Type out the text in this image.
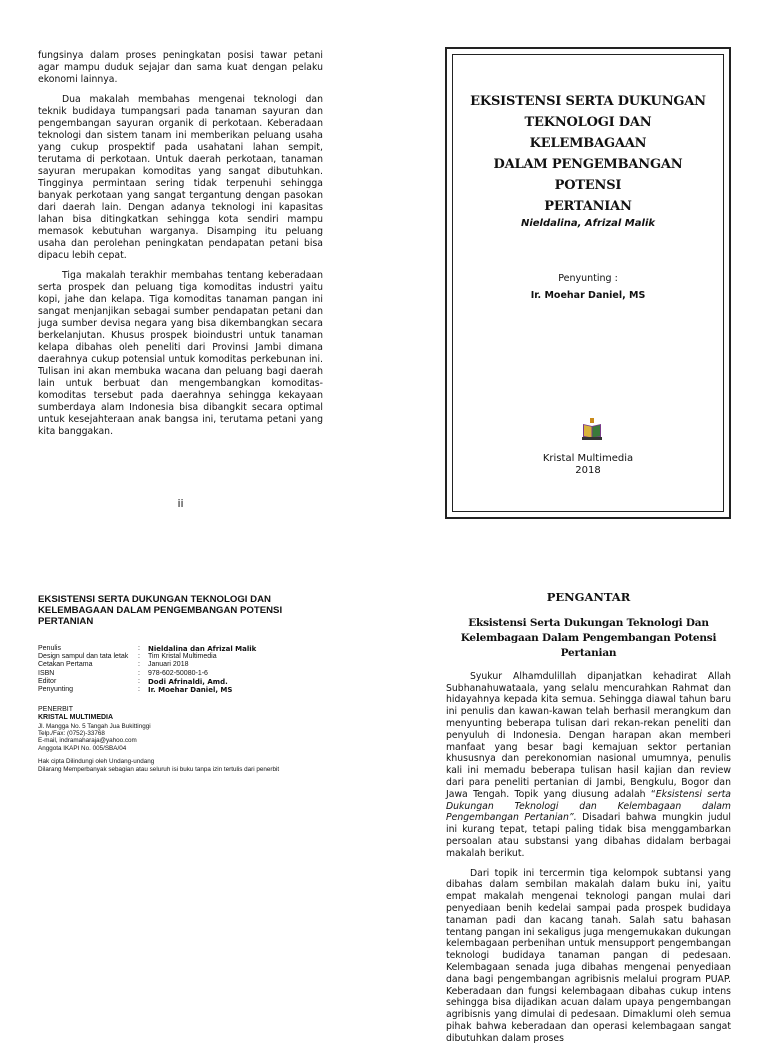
fungsinya dalam proses peningkatan posisi tawar petani agar mampu duduk sejajar dan sama kuat dengan pelaku ekonomi lainnya.

Dua makalah membahas mengenai teknologi dan teknik budidaya tumpangsari pada tanaman sayuran dan pengembangan sayuran organik di perkotaan. Keberadaan teknologi dan sistem tanam ini memberikan peluang usaha yang cukup prospektif pada usahatani lahan sempit, terutama di perkotaan. Untuk daerah perkotaan, tanaman sayuran merupakan komoditas yang sangat dibutuhkan. Tingginya permintaan sering tidak terpenuhi sehingga banyak perkotaan yang sangat tergantung dengan pasokan dari daerah lain. Dengan adanya teknologi ini kapasitas lahan bisa ditingkatkan sehingga kota sendiri mampu memasok kebutuhan warganya. Disamping itu peluang usaha dan perolehan peningkatan pendapatan petani bisa dipacu lebih cepat.

Tiga makalah terakhir membahas tentang keberadaan serta prospek dan peluang tiga komoditas industri yaitu kopi, jahe dan kelapa. Tiga komoditas tanaman pangan ini sangat menjanjikan sebagai sumber pendapatan petani dan juga sumber devisa negara yang bisa dikembangkan secara berkelanjutan. Khusus prospek bioindustri untuk tanaman kelapa dibahas oleh peneliti dari Provinsi Jambi dimana daerahnya cukup potensial untuk komoditas perkebunan ini. Tulisan ini akan membuka wacana dan peluang bagi daerah lain untuk berbuat dan mengembangkan komoditas-komoditas tersebut pada daerahnya sehingga kekayaan sumberdaya alam Indonesia bisa dibangkit secara optimal untuk kesejahteraan anak bangsa ini, terutama petani yang kita banggakan.

ii
EKSISTENSI SERTA DUKUNGAN
TEKNOLOGI DAN KELEMBAGAAN
DALAM PENGEMBANGAN POTENSI
PERTANIAN
Nieldalina, Afrizal Malik
Penyunting :
Ir. Moehar Daniel, MS
Kristal Multimedia
2018
EKSISTENSI SERTA DUKUNGAN TEKNOLOGI DAN KELEMBAGAAN DALAM PENGEMBANGAN POTENSI PERTANIAN
Penulis	:	Nieldalina dan Afrizal Malik
Design sampul dan tata letak	:	Tim Kristal Multimedia
Cetakan Pertama	:	Januari 2018
ISBN	:	978-602-50080-1-6
Editor	:	Dodi Afrinaldi, Amd.
Penyunting	:	Ir. Moehar Daniel, MS
PENERBIT
KRISTAL MULTIMEDIA
Jl. Mangga No. 5 Tangah Jua Bukittinggi
Telp./Fax: (0752)-33768
E-mail, indramaharaja@yahoo.com
Anggota IKAPI No. 005/SBA/04
Hak cipta Dilindungi oleh Undang-undang
Dilarang Memperbanyak sebagian atau seluruh isi buku tanpa izin tertulis dari penerbit
PENGANTAR
Eksistensi Serta Dukungan Teknologi Dan Kelembagaan Dalam Pengembangan Potensi Pertanian

Syukur Alhamdulillah dipanjatkan kehadirat Allah Subhanahuwataala, yang selalu mencurahkan Rahmat dan hidayahnya kepada kita semua. Sehingga diawal tahun baru ini penulis dan kawan-kawan telah berhasil merangkum dan menyunting beberapa tulisan dari rekan-rekan peneliti dan penyuluh di Indonesia. Dengan harapan akan memberi manfaat yang besar bagi kemajuan sektor pertanian khususnya dan perekonomian nasional umumnya, penulis kali ini memadu beberapa tulisan hasil kajian dan review dari para peneliti pertanian di Jambi, Bengkulu, Bogor dan Jawa Tengah. Topik yang diusung adalah “Eksistensi serta Dukungan Teknologi dan Kelembagaan dalam Pengembangan Pertanian”. Disadari bahwa mungkin judul ini kurang tepat, tetapi paling tidak bisa menggambarkan persoalan atau substansi yang dibahas didalam berbagai makalah berikut.

Dari topik ini tercermin tiga kelompok subtansi yang dibahas dalam sembilan makalah dalam buku ini, yaitu empat makalah mengenai teknologi pangan mulai dari penyediaan benih kedelai sampai pada prospek budidaya tanaman padi dan kacang tanah. Salah satu bahasan tentang pangan ini sekaligus juga mengemukakan dukungan kelembagaan perbenihan untuk mensupport pengembangan teknologi budidaya tanaman pangan di pedesaan. Kelembagaan senada juga dibahas mengenai penyediaan dana bagi pengembangan agribisnis melalui program PUAP. Keberadaan dan fungsi kelembagaan dibahas cukup intens sehingga bisa dijadikan acuan dalam upaya pengembangan agribisnis yang dimulai di pedesaan. Dimaklumi oleh semua pihak bahwa keberadaan dan operasi kelembagaan sangat dibutuhkan dalam proses
